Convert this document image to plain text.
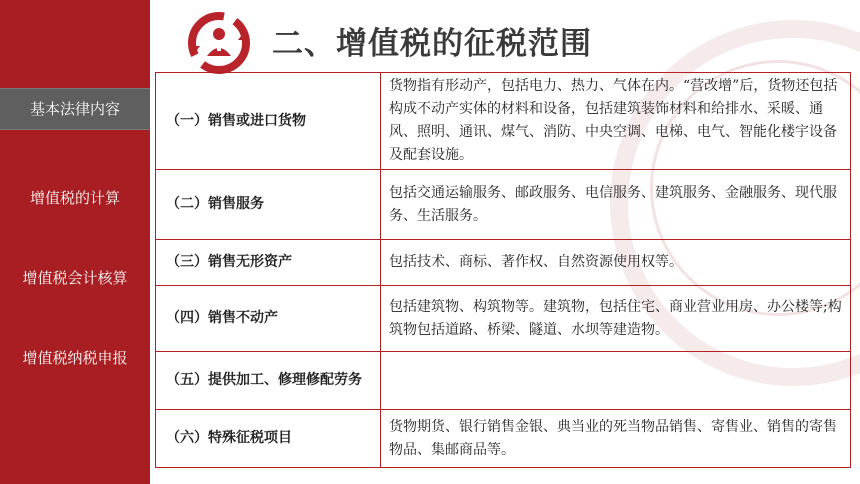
基本法律内容
增值税的计算
增值税会计核算
增值税纳税申报
二、增值税的征税范围
（一）销售或进口货物	货物指有形动产，包括电力、热力、气体在内。“营改增”后，货物还包括构成不动产实体的材料和设备，包括建筑装饰材料和给排水、采暖、通风、照明、通讯、煤气、消防、中央空调、电梯、电气、智能化楼宇设备及配套设施。
（二）销售服务	包括交通运输服务、邮政服务、电信服务、建筑服务、金融服务、现代服务、生活服务。
（三）销售无形资产	包括技术、商标、著作权、自然资源使用权等。
（四）销售不动产	包括建筑物、构筑物等。建筑物，包括住宅、商业营业用房、办公楼等;构筑物包括道路、桥梁、隧道、水坝等建造物。
（五）提供加工、修理修配劳务	
（六）特殊征税项目	货物期货、银行销售金银、典当业的死当物品销售、寄售业、销售的寄售物品、集邮商品等。
